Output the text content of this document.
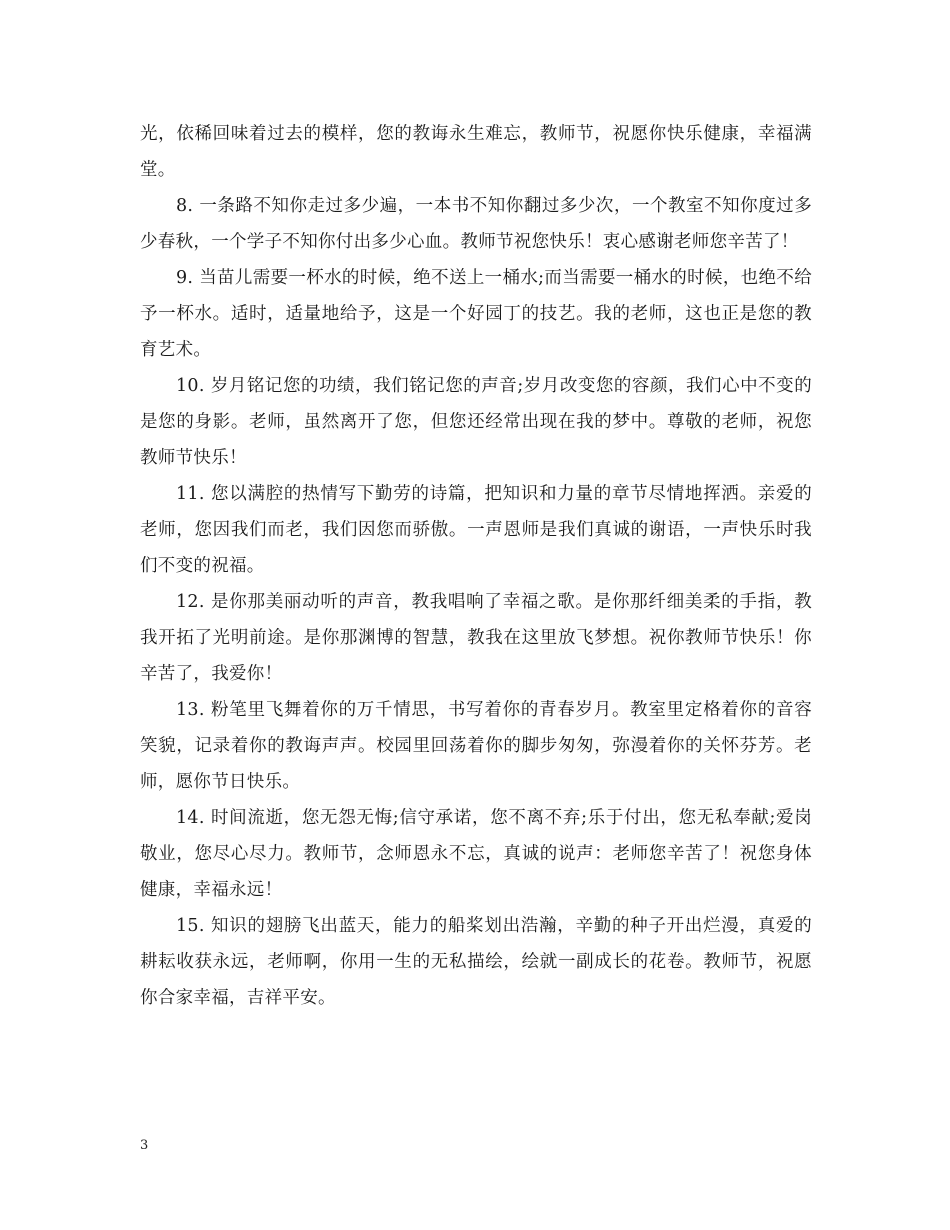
光，依稀回味着过去的模样，您的教诲永生难忘，教师节，祝愿你快乐健康，幸福满堂。

8. 一条路不知你走过多少遍，一本书不知你翻过多少次，一个教室不知你度过多少春秋，一个学子不知你付出多少心血。教师节祝您快乐！衷心感谢老师您辛苦了！

9. 当苗儿需要一杯水的时候，绝不送上一桶水;而当需要一桶水的时候，也绝不给予一杯水。适时，适量地给予，这是一个好园丁的技艺。我的老师，这也正是您的教育艺术。

10. 岁月铭记您的功绩，我们铭记您的声音;岁月改变您的容颜，我们心中不变的是您的身影。老师，虽然离开了您，但您还经常出现在我的梦中。尊敬的老师，祝您教师节快乐！

11. 您以满腔的热情写下勤劳的诗篇，把知识和力量的章节尽情地挥洒。亲爱的老师，您因我们而老，我们因您而骄傲。一声恩师是我们真诚的谢语，一声快乐时我们不变的祝福。

12. 是你那美丽动听的声音，教我唱响了幸福之歌。是你那纤细美柔的手指，教我开拓了光明前途。是你那渊博的智慧，教我在这里放飞梦想。祝你教师节快乐！你辛苦了，我爱你！

13. 粉笔里飞舞着你的万千情思，书写着你的青春岁月。教室里定格着你的音容笑貌，记录着你的教诲声声。校园里回荡着你的脚步匆匆，弥漫着你的关怀芬芳。老师，愿你节日快乐。

14. 时间流逝，您无怨无悔;信守承诺，您不离不弃;乐于付出，您无私奉献;爱岗敬业，您尽心尽力。教师节，念师恩永不忘，真诚的说声：老师您辛苦了！祝您身体健康，幸福永远！

15. 知识的翅膀飞出蓝天，能力的船桨划出浩瀚，辛勤的种子开出烂漫，真爱的耕耘收获永远，老师啊，你用一生的无私描绘，绘就一副成长的花卷。教师节，祝愿你合家幸福，吉祥平安。

3
